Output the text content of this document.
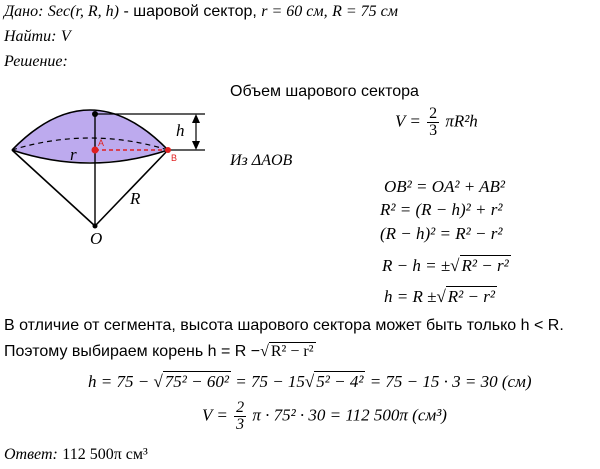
Дано: Sec(r, R, h) - шаровой сектор, r = 60 см, R = 75 см
Найти: V
Решение:
h
r
R
O
A
B
Объем шарового сектора
$V = \frac{2}{3} \pi R^2h$
Из ΔAOB
OB² = OA² + AB²
R² = (R − h)² + r²
(R − h)² = R² − r²
R − h = ±√ R² − r²
h = R ±√ R² − r²
В отличие от сегмента, высота шарового сектора может быть только h < R.
Поэтому выбираем корень h = R −√ R² − r²
h = 75 − √ 75² − 60² = 75 − 15√ 5² − 4² = 75 − 15 · 3 = 30 (см)
$V = \frac{2}{3}$ π · 75² · 30 = 112 500π (см³)
Ответ: 112 500π см³
